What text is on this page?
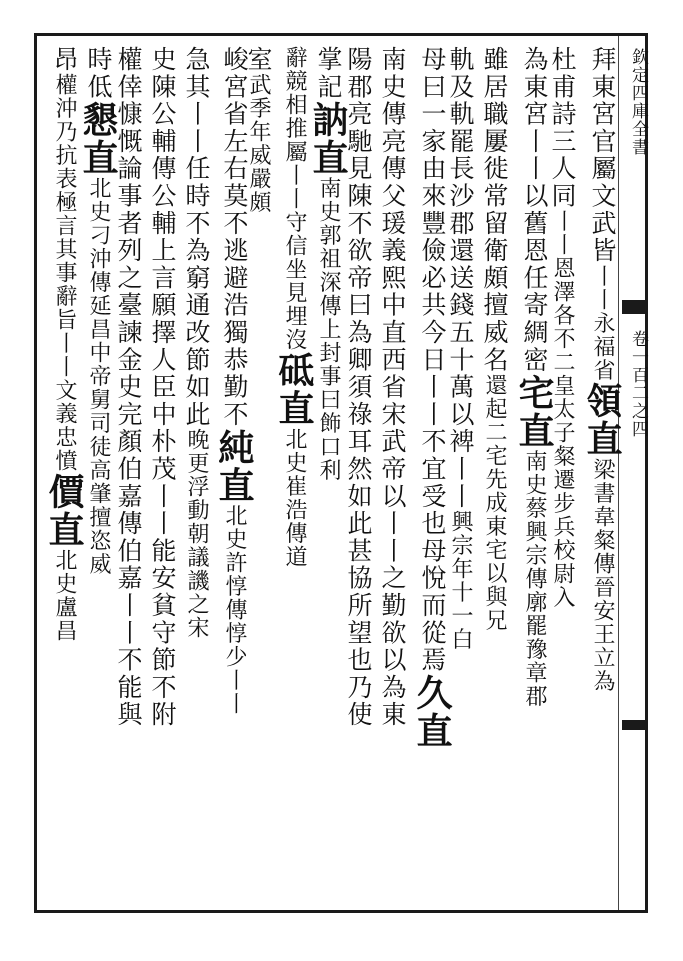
欽定四庫全書
卷一百二之四
拜東宮官屬文武皆丨丨永福省領直梁書韋粲傳晉安王立為
杜甫詩三人同丨丨恩澤各不二皇太子粲遷步兵校尉入
為東宮丨丨以舊恩任寄綢密宅直南史蔡興宗傳廓罷豫章郡
雖居職屢徙常留衛頗擅威名還起二宅先成東宅以與兄
軌及軌罷長沙郡還送錢五十萬以裨丨丨興宗年十一白
母曰一家由來豐儉必共今日丨丨不宜受也母悅而從焉久直
南史傳亮傳父瑗義熙中直西省宋武帝以丨丨之勤欲以為東
陽郡亮馳見陳不欲帝曰為卿須祿耳然如此甚協所望也乃使
掌記訥直南史郭祖深傳上封事曰飾口利
辭競相推屬丨丨守信坐見埋沒砥直北史崔浩傳道
室武季年威嚴頗
峻宮省左右莫不逃避浩獨恭勤不純直北史許惇傳惇少丨丨
急其丨丨任時不為窮通改節如此晚更浮動朝議譏之宋
史陳公輔傳公輔上言願擇人臣中朴茂丨丨能安貧守節不附
權倖慷慨論事者列之臺諫金史完顏伯嘉傳伯嘉丨丨不能與
時低懇直北史刁沖傳延昌中帝舅司徒高肇擅恣威
昂權沖乃抗表極言其事辭旨丨丨文義忠憤價直北史盧昌
